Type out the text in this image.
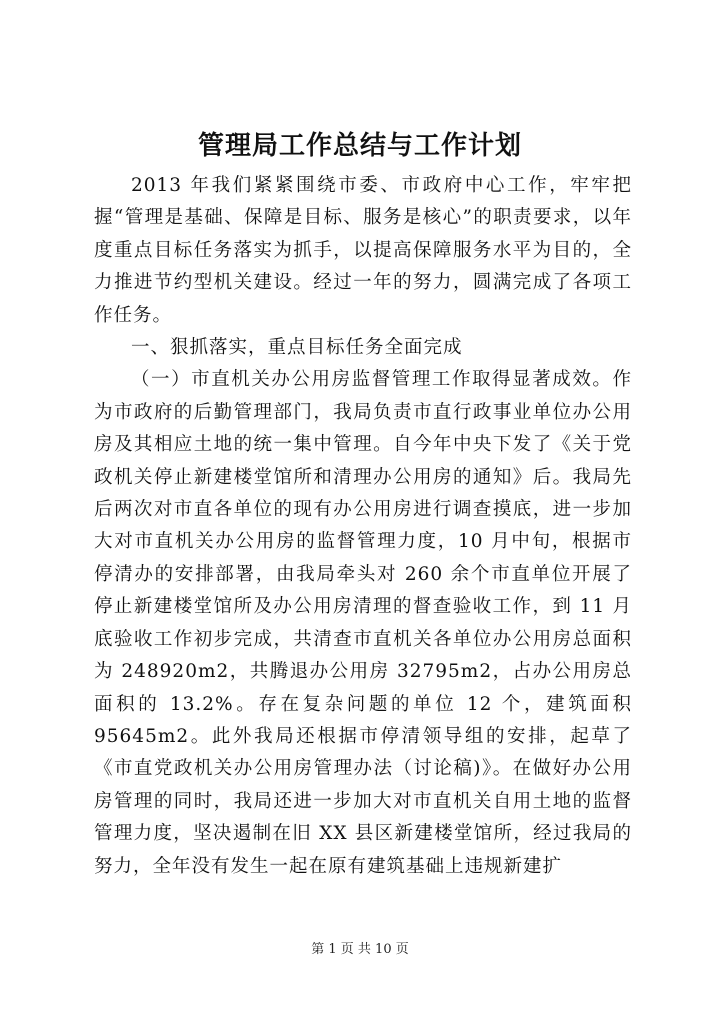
管理局工作总结与工作计划

2013 年我们紧紧围绕市委、市政府中心工作，牢牢把握“管理是基础、保障是目标、服务是核心”的职责要求，以年度重点目标任务落实为抓手，以提高保障服务水平为目的，全力推进节约型机关建设。经过一年的努力，圆满完成了各项工作任务。

一、狠抓落实，重点目标任务全面完成

（一）市直机关办公用房监督管理工作取得显著成效。作为市政府的后勤管理部门，我局负责市直行政事业单位办公用房及其相应土地的统一集中管理。自今年中央下发了《关于党政机关停止新建楼堂馆所和清理办公用房的通知》后。我局先后两次对市直各单位的现有办公用房进行调查摸底，进一步加大对市直机关办公用房的监督管理力度，10 月中旬，根据市停清办的安排部署，由我局牵头对 260 余个市直单位开展了停止新建楼堂馆所及办公用房清理的督查验收工作，到 11 月底验收工作初步完成，共清查市直机关各单位办公用房总面积为 248920m2，共腾退办公用房 32795m2，占办公用房总面积的 13.2%。存在复杂问题的单位 12 个，建筑面积 95645m2。此外我局还根据市停清领导组的安排，起草了《市直党政机关办公用房管理办法（讨论稿)》。在做好办公用房管理的同时，我局还进一步加大对市直机关自用土地的监督管理力度，坚决遏制在旧 XX 县区新建楼堂馆所，经过我局的努力，全年没有发生一起在原有建筑基础上违规新建扩

第 1 页 共 10 页
